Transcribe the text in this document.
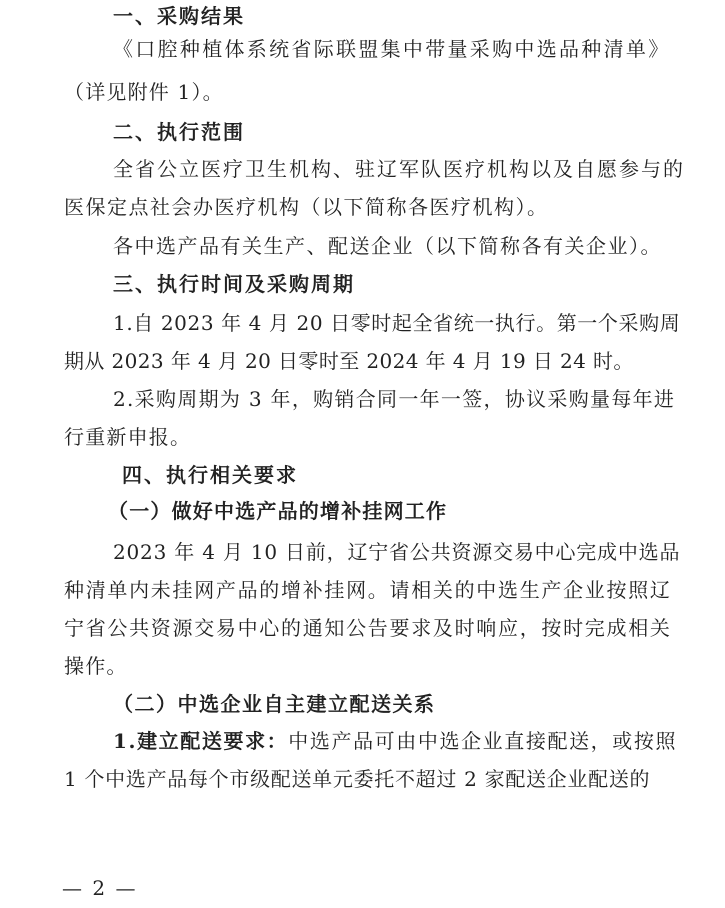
一、采购结果
《口腔种植体系统省际联盟集中带量采购中选品种清单》
（详见附件 1）。
二、执行范围
全省公立医疗卫生机构、驻辽军队医疗机构以及自愿参与的
医保定点社会办医疗机构（以下简称各医疗机构）。
各中选产品有关生产、配送企业（以下简称各有关企业）。
三、执行时间及采购周期
1.自 2023 年 4 月 20 日零时起全省统一执行。第一个采购周
期从 2023 年 4 月 20 日零时至 2024 年 4 月 19 日 24 时。
2.采购周期为 3 年，购销合同一年一签，协议采购量每年进
行重新申报。
四、执行相关要求
（一）做好中选产品的增补挂网工作
2023 年 4 月 10 日前，辽宁省公共资源交易中心完成中选品
种清单内未挂网产品的增补挂网。请相关的中选生产企业按照辽
宁省公共资源交易中心的通知公告要求及时响应，按时完成相关
操作。
（二）中选企业自主建立配送关系
1.建立配送要求：中选产品可由中选企业直接配送，或按照
1 个中选产品每个市级配送单元委托不超过 2 家配送企业配送的
— 2 —
